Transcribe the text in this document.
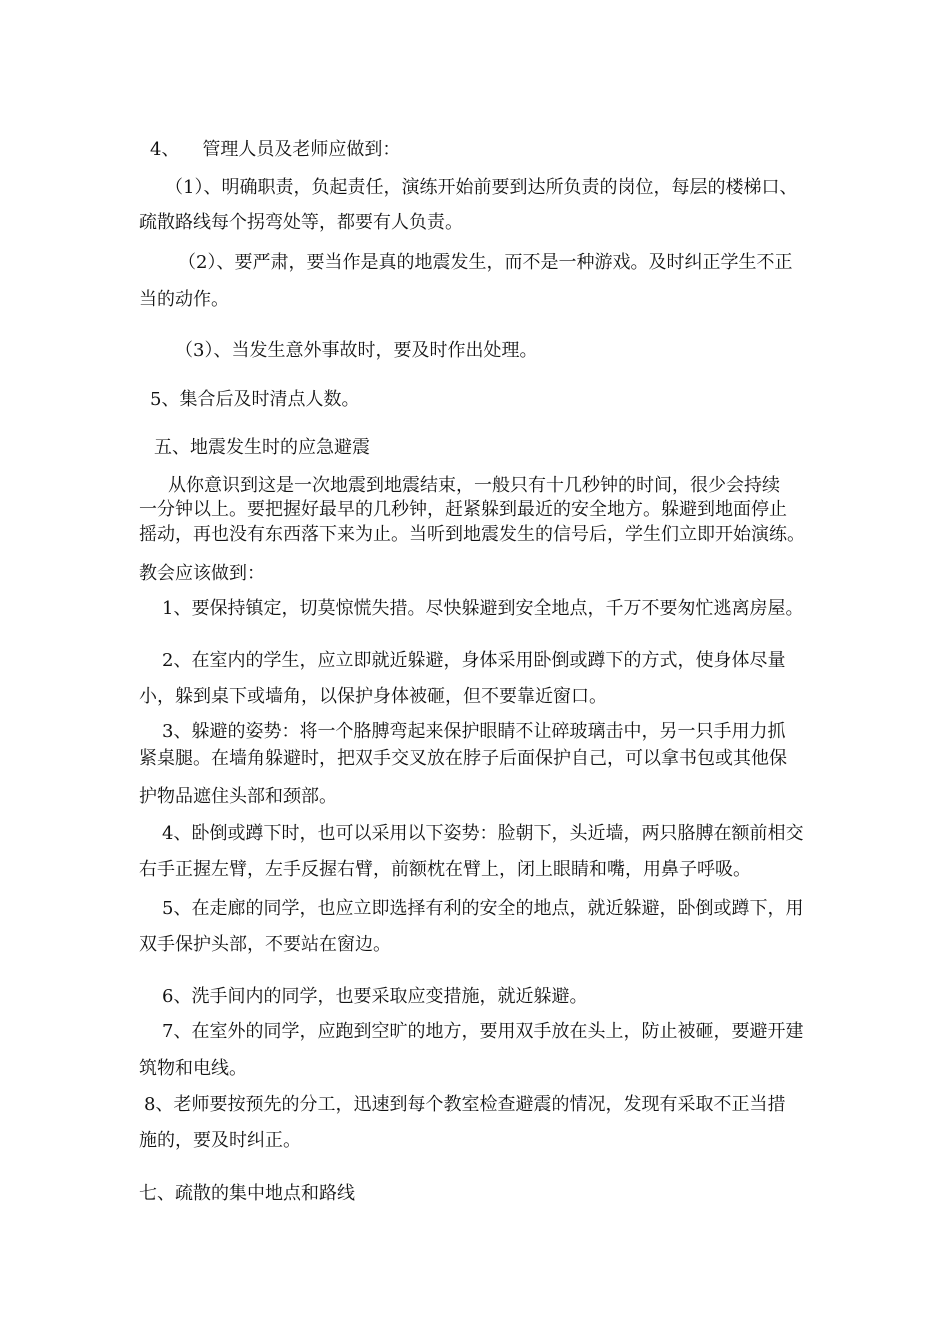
4、    管理人员及老师应做到：
（1）、明确职责，负起责任，演练开始前要到达所负责的岗位，每层的楼梯口、
疏散路线每个拐弯处等，都要有人负责。
（2）、要严肃，要当作是真的地震发生，而不是一种游戏。及时纠正学生不正
当的动作。
（3）、当发生意外事故时，要及时作出处理。
5、集合后及时清点人数。
五、地震发生时的应急避震
从你意识到这是一次地震到地震结束，一般只有十几秒钟的时间，很少会持续
一分钟以上。要把握好最早的几秒钟，赶紧躲到最近的安全地方。躲避到地面停止
摇动，再也没有东西落下来为止。当听到地震发生的信号后，学生们立即开始演练。
教会应该做到：
1、要保持镇定，切莫惊慌失措。尽快躲避到安全地点，千万不要匆忙逃离房屋。
2、在室内的学生，应立即就近躲避，身体采用卧倒或蹲下的方式，使身体尽量
小，躲到桌下或墙角，以保护身体被砸，但不要靠近窗口。
3、躲避的姿势：将一个胳膊弯起来保护眼睛不让碎玻璃击中，另一只手用力抓
紧桌腿。在墙角躲避时，把双手交叉放在脖子后面保护自己，可以拿书包或其他保
护物品遮住头部和颈部。
4、卧倒或蹲下时，也可以采用以下姿势：脸朝下，头近墙，两只胳膊在额前相交
右手正握左臂，左手反握右臂，前额枕在臂上，闭上眼睛和嘴，用鼻子呼吸。
5、在走廊的同学，也应立即选择有利的安全的地点，就近躲避，卧倒或蹲下，用
双手保护头部，不要站在窗边。
6、洗手间内的同学，也要采取应变措施，就近躲避。
7、在室外的同学，应跑到空旷的地方，要用双手放在头上，防止被砸，要避开建
筑物和电线。
8、老师要按预先的分工，迅速到每个教室检查避震的情况，发现有采取不正当措
施的，要及时纠正。
七、疏散的集中地点和路线
